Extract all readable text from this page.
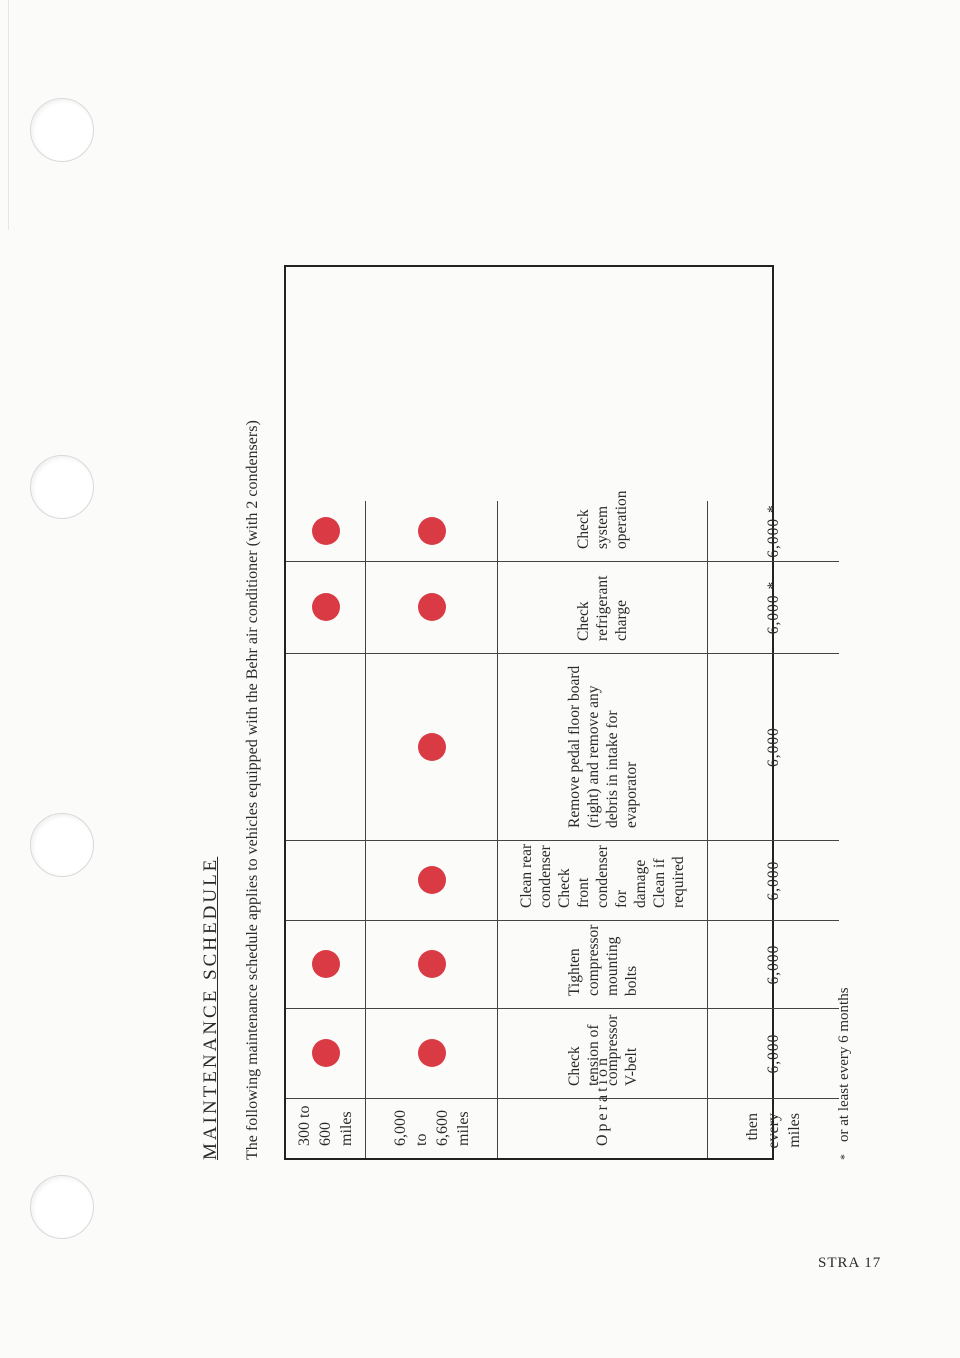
MAINTENANCE SCHEDULE The following maintenance schedule applies to vehicles equipped with the Behr air conditioner (with 2 condensers) 300 to 600 miles 6,000 to 6,600 miles	Operation
Check tension of compressor V-belt
Tighten compressor mounting bolts
Clean rear condenser Check front condenser for damage Clean if required
Remove pedal floor board (right) and remove any debris in intake for evaporator
Check refrigerant charge
Check system operation
then every miles
6,000
6,000
6,000
6,000
6,000 *
6,000 *
*or at least every 6 months
STRA 17
